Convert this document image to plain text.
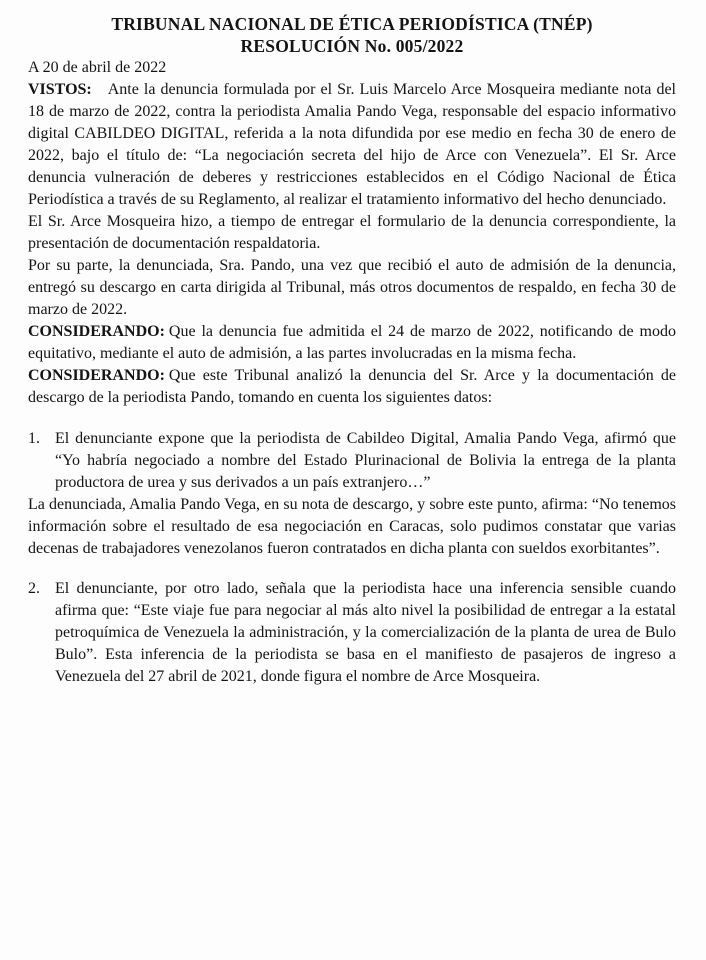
TRIBUNAL NACIONAL DE ÉTICA PERIODÍSTICA (TNÉP)
RESOLUCIÓN No. 005/2022

A 20 de abril de 2022

VISTOS: Ante la denuncia formulada por el Sr. Luis Marcelo Arce Mosqueira mediante nota del 18 de marzo de 2022, contra la periodista Amalia Pando Vega, responsable del espacio informativo digital CABILDEO DIGITAL, referida a la nota difundida por ese medio en fecha 30 de enero de 2022, bajo el título de: “La negociación secreta del hijo de Arce con Venezuela”. El Sr. Arce denuncia vulneración de deberes y restricciones establecidos en el Código Nacional de Ética Periodística a través de su Reglamento, al realizar el tratamiento informativo del hecho denunciado.

El Sr. Arce Mosqueira hizo, a tiempo de entregar el formulario de la denuncia correspondiente, la presentación de documentación respaldatoria.

Por su parte, la denunciada, Sra. Pando, una vez que recibió el auto de admisión de la denuncia, entregó su descargo en carta dirigida al Tribunal, más otros documentos de respaldo, en fecha 30 de marzo de 2022.

CONSIDERANDO: Que la denuncia fue admitida el 24 de marzo de 2022, notificando de modo equitativo, mediante el auto de admisión, a las partes involucradas en la misma fecha.

CONSIDERANDO: Que este Tribunal analizó la denuncia del Sr. Arce y la documentación de descargo de la periodista Pando, tomando en cuenta los siguientes datos:

1. El denunciante expone que la periodista de Cabildeo Digital, Amalia Pando Vega, afirmó que “Yo habría negociado a nombre del Estado Plurinacional de Bolivia la entrega de la planta productora de urea y sus derivados a un país extranjero…”

La denunciada, Amalia Pando Vega, en su nota de descargo, y sobre este punto, afirma: “No tenemos información sobre el resultado de esa negociación en Caracas, solo pudimos constatar que varias decenas de trabajadores venezolanos fueron contratados en dicha planta con sueldos exorbitantes”.

2. El denunciante, por otro lado, señala que la periodista hace una inferencia sensible cuando afirma que: “Este viaje fue para negociar al más alto nivel la posibilidad de entregar a la estatal petroquímica de Venezuela la administración, y la comercialización de la planta de urea de Bulo Bulo”. Esta inferencia de la periodista se basa en el manifiesto de pasajeros de ingreso a Venezuela del 27 abril de 2021, donde figura el nombre de Arce Mosqueira.
